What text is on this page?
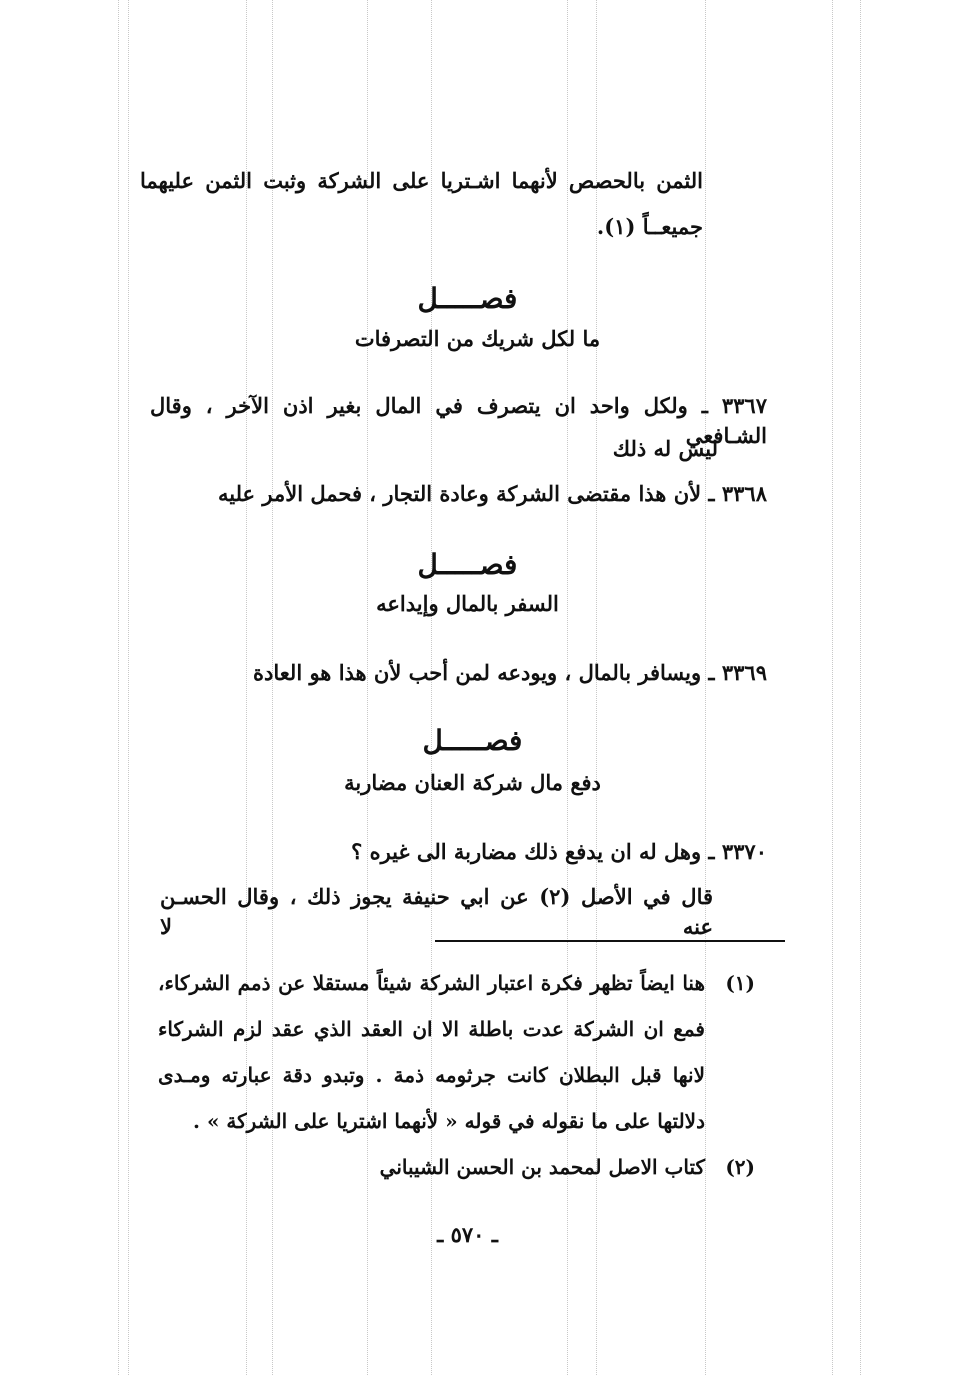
الثمن بالحصص لأنهما اشـتريا على الشركة وثبت الثمن عليهما
جميعــاً (١).
فصـــــل
ما لكل شريك من التصرفات
٣٣٦٧ ـ ولكل واحد ان يتصرف في المال بغير اذن الآخر ، وقال الشـافعي
ليس له ذلك
٣٣٦٨ ـ لأن هذا مقتضى الشركة وعادة التجار ، فحمل الأمر عليه
فصـــــل
السفر بالمال وإيداعه
٣٣٦٩ ـ ويسافر بالمال ، ويودعه لمن أحب لأن هذا هو العادة
فصـــــل
دفع مال شركة العنان مضاربة
٣٣٧٠ ـ وهل له ان يدفع ذلك مضاربة الى غيره ؟
قال في الأصل (٢) عن ابي حنيفة يجوز ذلك ، وقال الحسـن عنه لا
(١)
هنا ايضاً تظهر فكرة اعتبار الشركة شيئاً مستقلا عن ذمم الشركاء،
فمع ان الشركة عدت باطلة الا ان العقد الذي عقد لزم الشركاء
لانها قبل البطلان كانت جرثومه ذمة . وتبدو دقة عبارته ومـدى
دلالتها على ما نقوله في قوله « لأنهما اشتريا على الشركة » .
(٢)
كتاب الاصل لمحمد بن الحسن الشيباني
ـ ٥٧٠ ـ
